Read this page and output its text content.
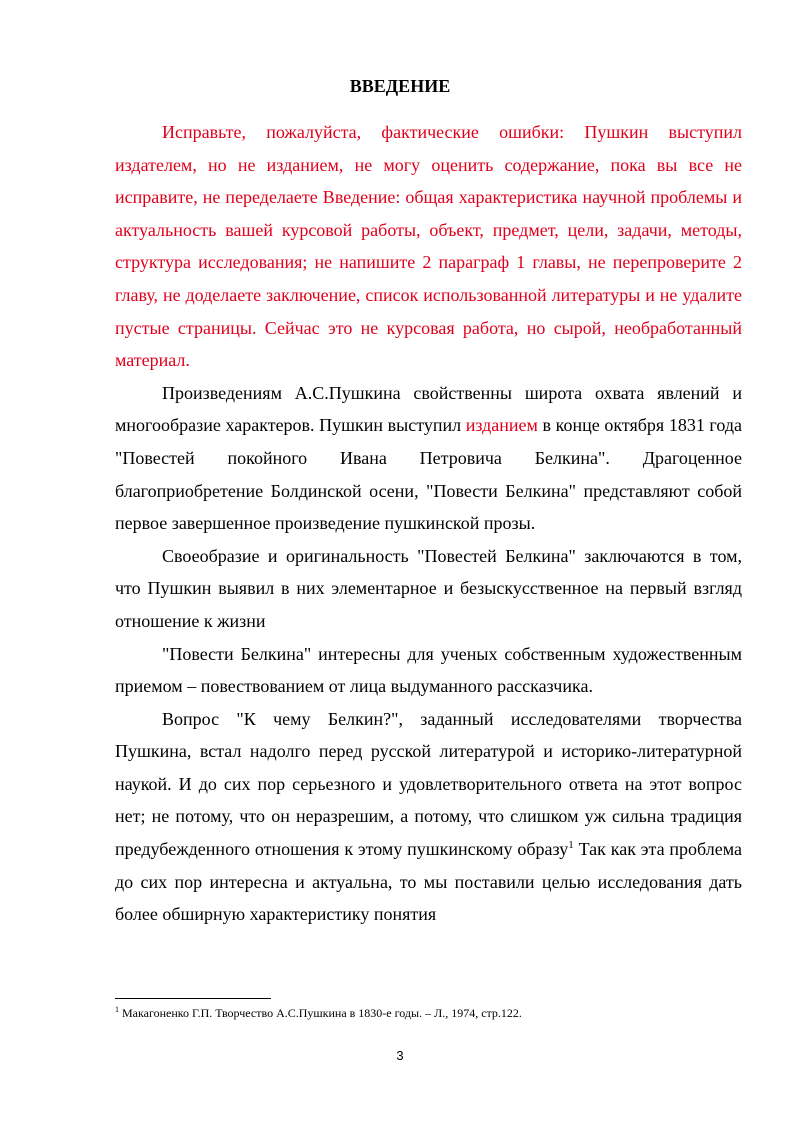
ВВЕДЕНИЕ

Исправьте, пожалуйста, фактические ошибки: Пушкин выступил издателем, но не изданием, не могу оценить содержание, пока вы все не исправите, не переделаете Введение: общая характеристика научной проблемы и актуальность вашей курсовой работы, объект, предмет, цели, задачи, методы, структура исследования; не напишите 2 параграф 1 главы, не перепроверите 2 главу, не доделаете заключение, список использованной литературы и не удалите пустые страницы. Сейчас это не курсовая работа, но сырой, необработанный материал.

Произведениям А.С.Пушкина свойственны широта охвата явлений и многообразие характеров. Пушкин выступил изданием в конце октября 1831 года "Повестей покойного Ивана Петровича Белкина". Драгоценное благоприобретение Болдинской осени, "Повести Белкина" представляют собой первое завершенное произведение пушкинской прозы.

Своеобразие и оригинальность "Повестей Белкина" заключаются в том, что Пушкин выявил в них элементарное и безыскусственное на первый взгляд отношение к жизни

"Повести Белкина" интересны для ученых собственным художественным приемом – повествованием от лица выдуманного рассказчика.

Вопрос "К чему Белкин?", заданный исследователями творчества Пушкина, встал надолго перед русской литературой и историко-литературной наукой. И до сих пор серьезного и удовлетворительного ответа на этот вопрос нет; не потому, что он неразрешим, а потому, что слишком уж сильна традиция предубежденного отношения к этому пушкинскому образу$^1$ Так как эта проблема до сих пор интересна и актуальна, то мы поставили целью исследования дать более обширную характеристику понятия

$^1$ Макагоненко Г.П. Творчество А.С.Пушкина в 1830-е годы. – Л., 1974, стр.122.
3
